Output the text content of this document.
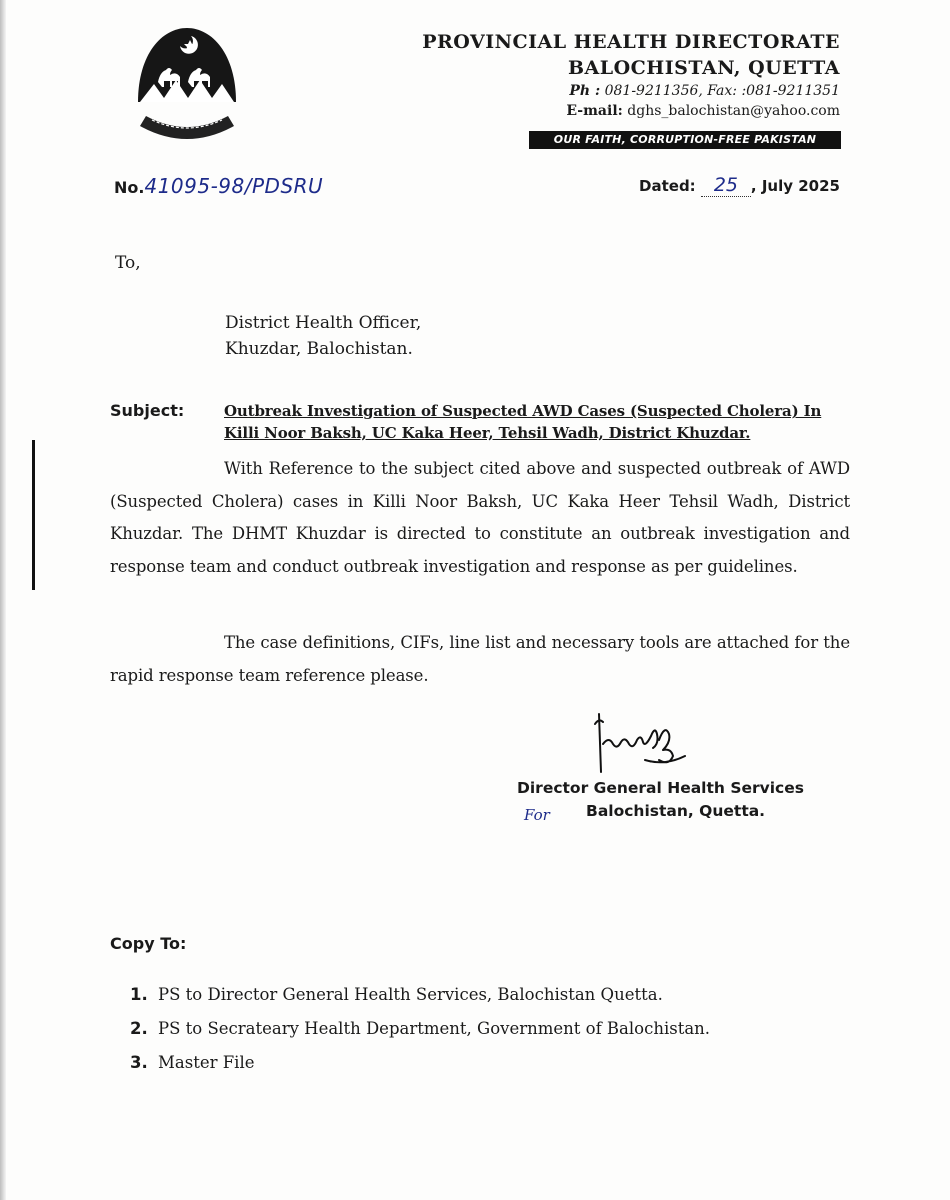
PROVINCIAL HEALTH DIRECTORATE
BALOCHISTAN, QUETTA
Ph : 081-9211356, Fax: :081-9211351
E-mail: dghs_balochistan@yahoo.com
OUR FAITH, CORRUPTION-FREE PAKISTAN
No.41095-98/PDSRU	Dated: 25 , July 2025
To,
District Health Officer,
Khuzdar, Balochistan.
Subject:	Outbreak Investigation of Suspected AWD Cases (Suspected Cholera) In
Killi Noor Baksh, UC Kaka Heer, Tehsil Wadh, District Khuzdar.
With Reference to the subject cited above and suspected outbreak of AWD (Suspected Cholera) cases in Killi Noor Baksh, UC Kaka Heer Tehsil Wadh, District Khuzdar. The DHMT Khuzdar is directed to constitute an outbreak investigation and response team and conduct outbreak investigation and response as per guidelines.
The case definitions, CIFs, line list and necessary tools are attached for the rapid response team reference please.
Director General Health Services
For Balochistan, Quetta.
Copy To:
1. PS to Director General Health Services, Balochistan Quetta.
2. PS to Secrateary Health Department, Government of Balochistan.
3. Master File
